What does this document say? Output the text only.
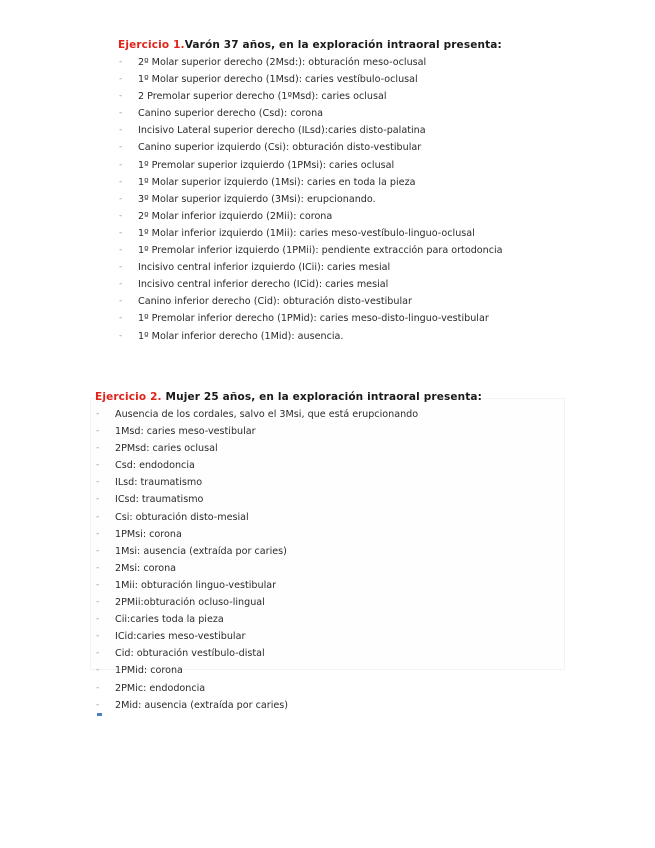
Ejercicio 1.Varón 37 años, en la exploración intraoral presenta:
- 2º Molar superior derecho (2Msd:): obturación meso-oclusal
- 1º Molar superior derecho (1Msd): caries vestíbulo-oclusal
- 2 Premolar superior derecho (1ºMsd): caries oclusal
- Canino superior derecho (Csd): corona
- Incisivo Lateral superior derecho (ILsd):caries disto-palatina
- Canino superior izquierdo (Csi): obturación disto-vestibular
- 1º Premolar superior izquierdo (1PMsi): caries oclusal
- 1º Molar superior izquierdo (1Msi): caries en toda la pieza
- 3º Molar superior izquierdo (3Msi): erupcionando.
- 2º Molar inferior izquierdo (2Mii): corona
- 1º Molar inferior izquierdo (1Mii): caries meso-vestíbulo-linguo-oclusal
- 1º Premolar inferior izquierdo (1PMii): pendiente extracción para ortodoncia
- Incisivo central inferior izquierdo (ICii): caries mesial
- Incisivo central inferior derecho (ICid): caries mesial
- Canino inferior derecho (Cid): obturación disto-vestibular
- 1º Premolar inferior derecho (1PMid): caries meso-disto-linguo-vestibular
- 1º Molar inferior derecho (1Mid): ausencia.
Ejercicio 2. Mujer 25 años, en la exploración intraoral presenta:
- Ausencia de los cordales, salvo el 3Msi, que está erupcionando
- 1Msd: caries meso-vestibular
- 2PMsd: caries oclusal
- Csd: endodoncia
- ILsd: traumatismo
- ICsd: traumatismo
- Csi: obturación disto-mesial
- 1PMsi: corona
- 1Msi: ausencia (extraída por caries)
- 2Msi: corona
- 1Mii: obturación linguo-vestibular
- 2PMii:obturación ocluso-lingual
- Cii:caries toda la pieza
- ICid:caries meso-vestibular
- Cid: obturación vestíbulo-distal
- 1PMid: corona
- 2PMic: endodoncia
- 2Mid: ausencia (extraída por caries)
